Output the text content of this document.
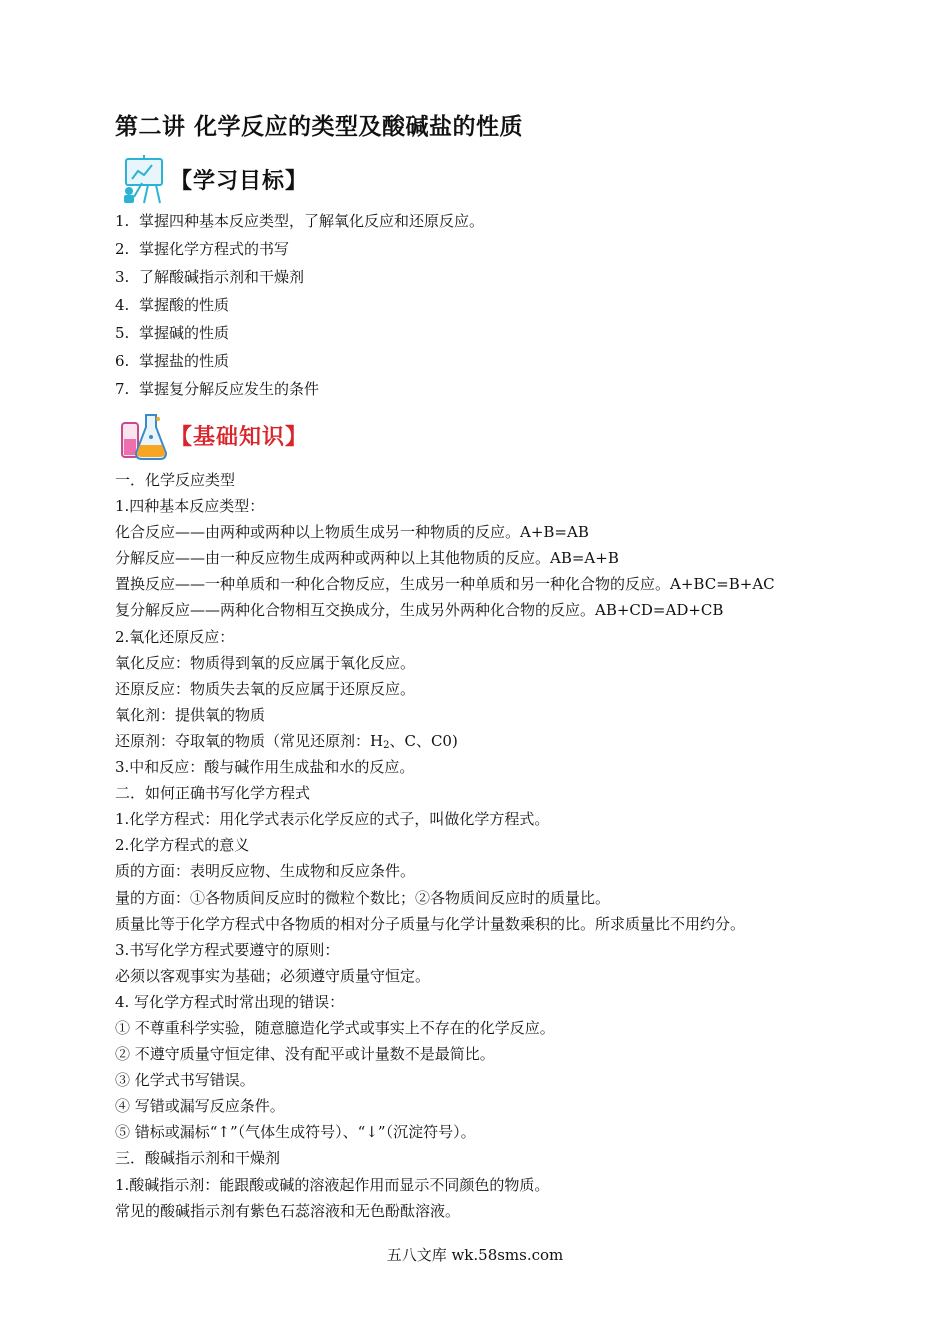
第二讲 化学反应的类型及酸碱盐的性质
【学习目标】
1. 掌握四种基本反应类型，了解氧化反应和还原反应。
2. 掌握化学方程式的书写
3. 了解酸碱指示剂和干燥剂
4. 掌握酸的性质
5. 掌握碱的性质
6. 掌握盐的性质
7. 掌握复分解反应发生的条件
【基础知识】
一．化学反应类型
1.四种基本反应类型：
化合反应——由两种或两种以上物质生成另一种物质的反应。A+B=AB
分解反应——由一种反应物生成两种或两种以上其他物质的反应。AB=A+B
置换反应——一种单质和一种化合物反应，生成另一种单质和另一种化合物的反应。A+BC=B+AC
复分解反应——两种化合物相互交换成分，生成另外两种化合物的反应。AB+CD=AD+CB
2.氧化还原反应：
氧化反应：物质得到氧的反应属于氧化反应。
还原反应：物质失去氧的反应属于还原反应。
氧化剂：提供氧的物质
还原剂：夺取氧的物质（常见还原剂：$H_2$、C、C0)
3.中和反应：酸与碱作用生成盐和水的反应。
二．如何正确书写化学方程式
1.化学方程式：用化学式表示化学反应的式子，叫做化学方程式。
2.化学方程式的意义
质的方面：表明反应物、生成物和反应条件。
量的方面：①各物质间反应时的微粒个数比；②各物质间反应时的质量比。
质量比等于化学方程式中各物质的相对分子质量与化学计量数乘积的比。所求质量比不用约分。
3.书写化学方程式要遵守的原则：
必须以客观事实为基础；必须遵守质量守恒定。
4. 写化学方程式时常出现的错误：
① 不尊重科学实验，随意臆造化学式或事实上不存在的化学反应。
② 不遵守质量守恒定律、没有配平或计量数不是最简比。
③ 化学式书写错误。
④ 写错或漏写反应条件。
⑤ 错标或漏标“↑”（气体生成符号）、“↓”（沉淀符号）。
三．酸碱指示剂和干燥剂
1.酸碱指示剂：能跟酸或碱的溶液起作用而显示不同颜色的物质。
常见的酸碱指示剂有紫色石蕊溶液和无色酚酞溶液。
五八文库 wk.58sms.com
